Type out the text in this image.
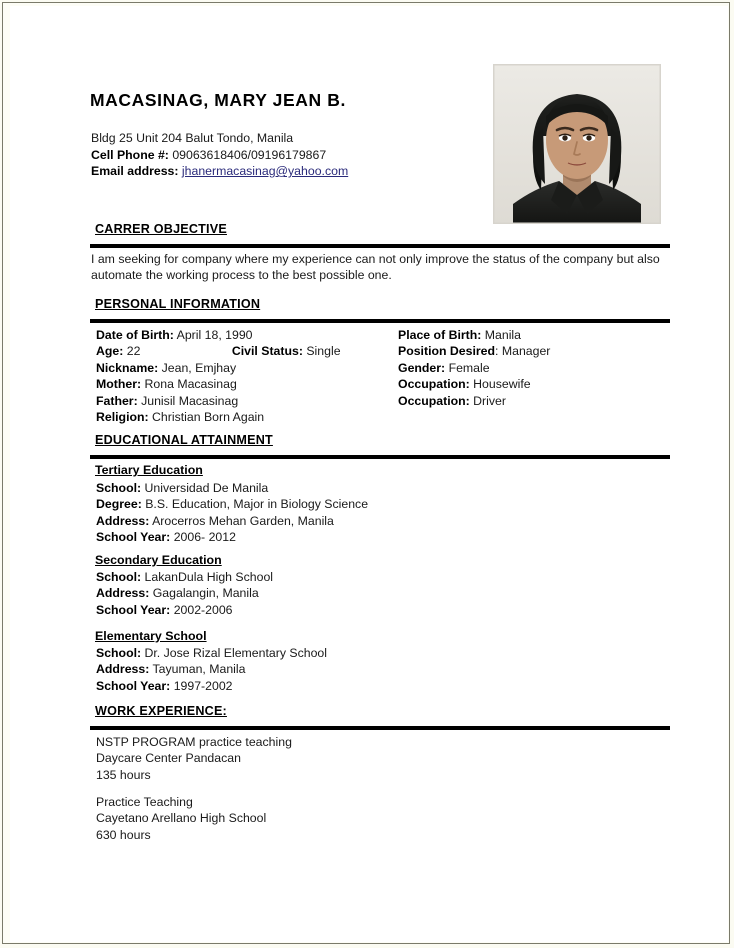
MACASINAG, MARY JEAN B.
Bldg 25 Unit 204 Balut Tondo, Manila
Cell Phone #: 09063618406/09196179867
Email address: jhanermacasinag@yahoo.com
CARRER OBJECTIVE
I am seeking for company where my experience can not only improve the status of the company but also automate the working process to the best possible one.
PERSONAL INFORMATION
Date of Birth: April 18, 1990
Age: 22	Civil Status: Single
Nickname: Jean, Emjhay
Mother: Rona Macasinag
Father: Junisil Macasinag
Religion: Christian Born Again
Place of Birth: Manila
Position Desired: Manager
Gender: Female
Occupation: Housewife
Occupation: Driver
EDUCATIONAL ATTAINMENT
Tertiary Education
School: Universidad De Manila
Degree: B.S. Education, Major in Biology Science
Address: Arocerros Mehan Garden, Manila
School Year: 2006- 2012
Secondary Education
School: LakanDula High School
Address: Gagalangin, Manila
School Year: 2002-2006
Elementary School
School: Dr. Jose Rizal Elementary School
Address: Tayuman, Manila
School Year: 1997-2002
WORK EXPERIENCE:
NSTP PROGRAM practice teaching
Daycare Center Pandacan
135 hours
Practice Teaching
Cayetano Arellano High School
630 hours
